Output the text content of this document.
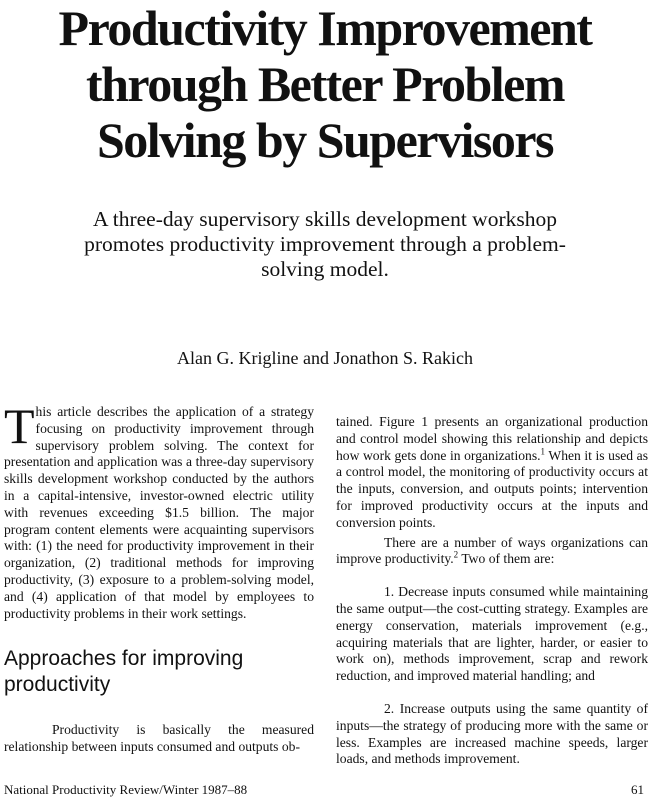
Productivity Improvement
through Better Problem
Solving by Supervisors
A three-day supervisory skills development workshop promotes productivity improvement through a problem-solving model.
Alan G. Krigline and Jonathon S. Rakich

This article describes the application of a strategy focusing on productivity improvement through supervisory problem solving. The context for presentation and application was a three-day supervisory skills development workshop conducted by the authors in a capital-intensive, investor-owned electric utility with revenues exceeding $1.5 billion. The major program content elements were acquainting supervisors with: (1) the need for productivity improvement in their organization, (2) traditional methods for improving productivity, (3) exposure to a problem-solving model, and (4) application of that model by employees to productivity problems in their work settings.

Approaches for improving productivity

Productivity is basically the measured relationship between inputs consumed and outputs ob-

tained. Figure 1 presents an organizational production and control model showing this relationship and depicts how work gets done in organizations.$^1$ When it is used as a control model, the monitoring of productivity occurs at the inputs, conversion, and outputs points; intervention for improved productivity occurs at the inputs and conversion points.

There are a number of ways organizations can improve productivity.$^2$ Two of them are:

1. Decrease inputs consumed while maintaining the same output—the cost-cutting strategy. Examples are energy conservation, materials improvement (e.g., acquiring materials that are lighter, harder, or easier to work on), methods improvement, scrap and rework reduction, and improved material handling; and

2. Increase outputs using the same quantity of inputs—the strategy of producing more with the same or less. Examples are increased machine speeds, larger loads, and methods improvement.

National Productivity Review/Winter 1987–88	61
